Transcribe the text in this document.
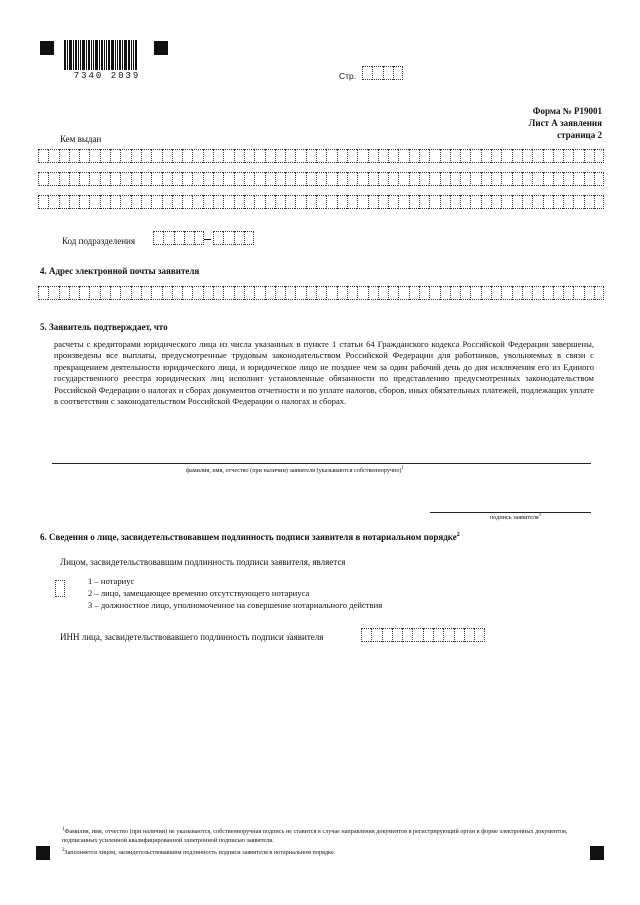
7340 2039	Стр.
Форма № Р19001
Лист А заявления
страница 2
Кем выдан
Код подразделения
4. Адрес электронной почты заявителя
5. Заявитель подтверждает, что
расчеты с кредиторами юридического лица из числа указанных в пункте 1 статьи 64 Гражданского кодекса Российской Федерации завершены, произведены все выплаты, предусмотренные трудовым законодательством Российской Федерации для работников, увольняемых в связи с прекращением деятельности юридического лица, и юридическое лицо не позднее чем за один рабочий день до дня исключения его из Единого государственного реестра юридических лиц исполнит установленные обязанности по представлению предусмотренных законодательством Российской Федерации о налогах и сборах документов отчетности и по уплате налогов, сборов, иных обязательных платежей, подлежащих уплате в соответствии с законодательством Российской Федерации о налогах и сборах.
фамилия, имя, отчество (при наличии) заявителя (указываются собственноручно)$^1$
подпись заявителя$^1$
6. Сведения о лице, засвидетельствовавшем подлинность подписи заявителя в нотариальном порядке$^2$
Лицом, засвидетельствовавшим подлинность подписи заявителя, является
1 – нотариус
2 – лицо, замещающее временно отсутствующего нотариуса
3 – должностное лицо, уполномоченное на совершение нотариального действия
ИНН лица, засвидетельствовавшего подлинность подписи заявителя
$^1$Фамилия, имя, отчество (при наличии) не указываются, собственноручная подпись не ставится в случае направления документов в регистрирующий орган в форме электронных документов, подписанных усиленной квалифицированной электронной подписью заявителя.
$^2$Заполняется лицом, засвидетельствовавшим подлинность подписи заявителя в нотариальном порядке.
